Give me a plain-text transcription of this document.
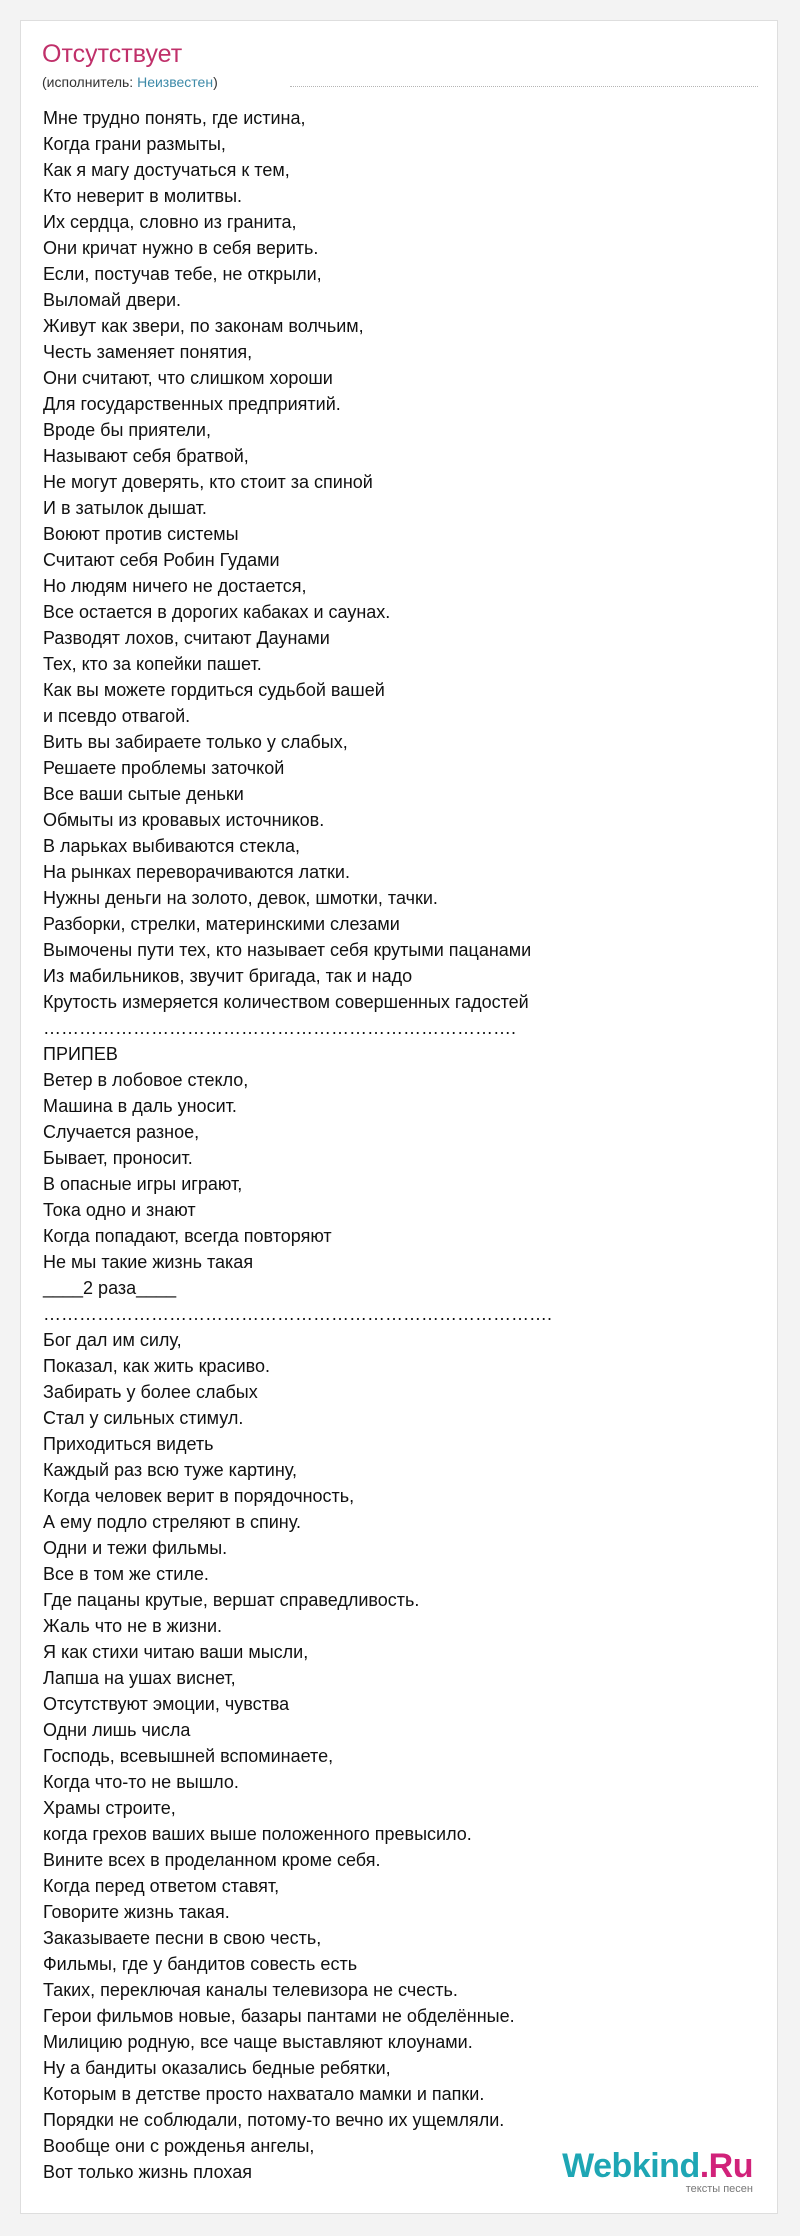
Отсутствует
(исполнитель: Неизвестен)
Мне трудно понять, где истина,
Когда грани размыты,
Как я магу достучаться к тем,
Кто неверит в молитвы.
Их сердца, словно из гранита,
Они кричат нужно в себя верить.
Если, постучав тебе, не открыли,
Выломай двери.
Живут как звери, по законам волчьим,
Честь заменяет понятия,
Они считают, что слишком хороши
Для государственных предприятий.
Вроде бы приятели,
Называют себя братвой,
Не могут доверять, кто стоит за спиной
И в затылок дышат.
Воюют против системы
Считают себя Робин Гудами
Но людям ничего не достается,
Все остается в дорогих кабаках и саунах.
Разводят лохов, считают Даунами
Тех, кто за копейки пашет.
Как вы можете гордиться судьбой вашей
и псевдо отвагой.
Вить вы забираете только у слабых,
Решаете проблемы заточкой
Все ваши сытые деньки
Обмыты из кровавых источников.
В ларьках выбиваются стекла,
На рынках переворачиваются латки.
Нужны деньги на золото, девок, шмотки, тачки.
Разборки, стрелки, материнскими слезами
Вымочены пути тех, кто называет себя крутыми пацанами
Из мабильников, звучит бригада, так и надо
Крутость измеряется количеством совершенных гадостей
…………………………………………………………………….
ПРИПЕВ
Ветер в лобовое стекло,
Машина в даль уносит.
Случается разное,
Бывает, проносит.
В опасные игры играют,
Тока одно и знают
Когда попадают, всегда повторяют
Не мы такие жизнь такая
____2 раза____
………………………………………………………………………….
Бог дал им силу,
Показал, как жить красиво.
Забирать у более слабых
Стал у сильных стимул.
Приходиться видеть
Каждый раз всю туже картину,
Когда человек верит в порядочность,
А ему подло стреляют в спину.
Одни и тежи фильмы.
Все в том же стиле.
Где пацаны крутые, вершат справедливость.
Жаль что не в жизни.
Я как стихи читаю ваши мысли,
Лапша на ушах виснет,
Отсутствуют эмоции, чувства
Одни лишь числа
Господь, всевышней вспоминаете,
Когда что-то не вышло.
Храмы строите,
когда грехов ваших выше положенного превысило.
Вините всех в проделанном кроме себя.
Когда перед ответом ставят,
Говорите жизнь такая.
Заказываете песни в свою честь,
Фильмы, где у бандитов совесть есть
Таких, переключая каналы телевизора не счесть.
Герои фильмов новые, базары пантами не обделённые.
Милицию родную, все чаще выставляют клоунами.
Ну а бандиты оказались бедные ребятки,
Которым в детстве просто нахватало мамки и папки.
Порядки не соблюдали, потому-то вечно их ущемляли.
Вообще они с рожденья ангелы,
Вот только жизнь плохая	Webkind.Ru
тексты песен
